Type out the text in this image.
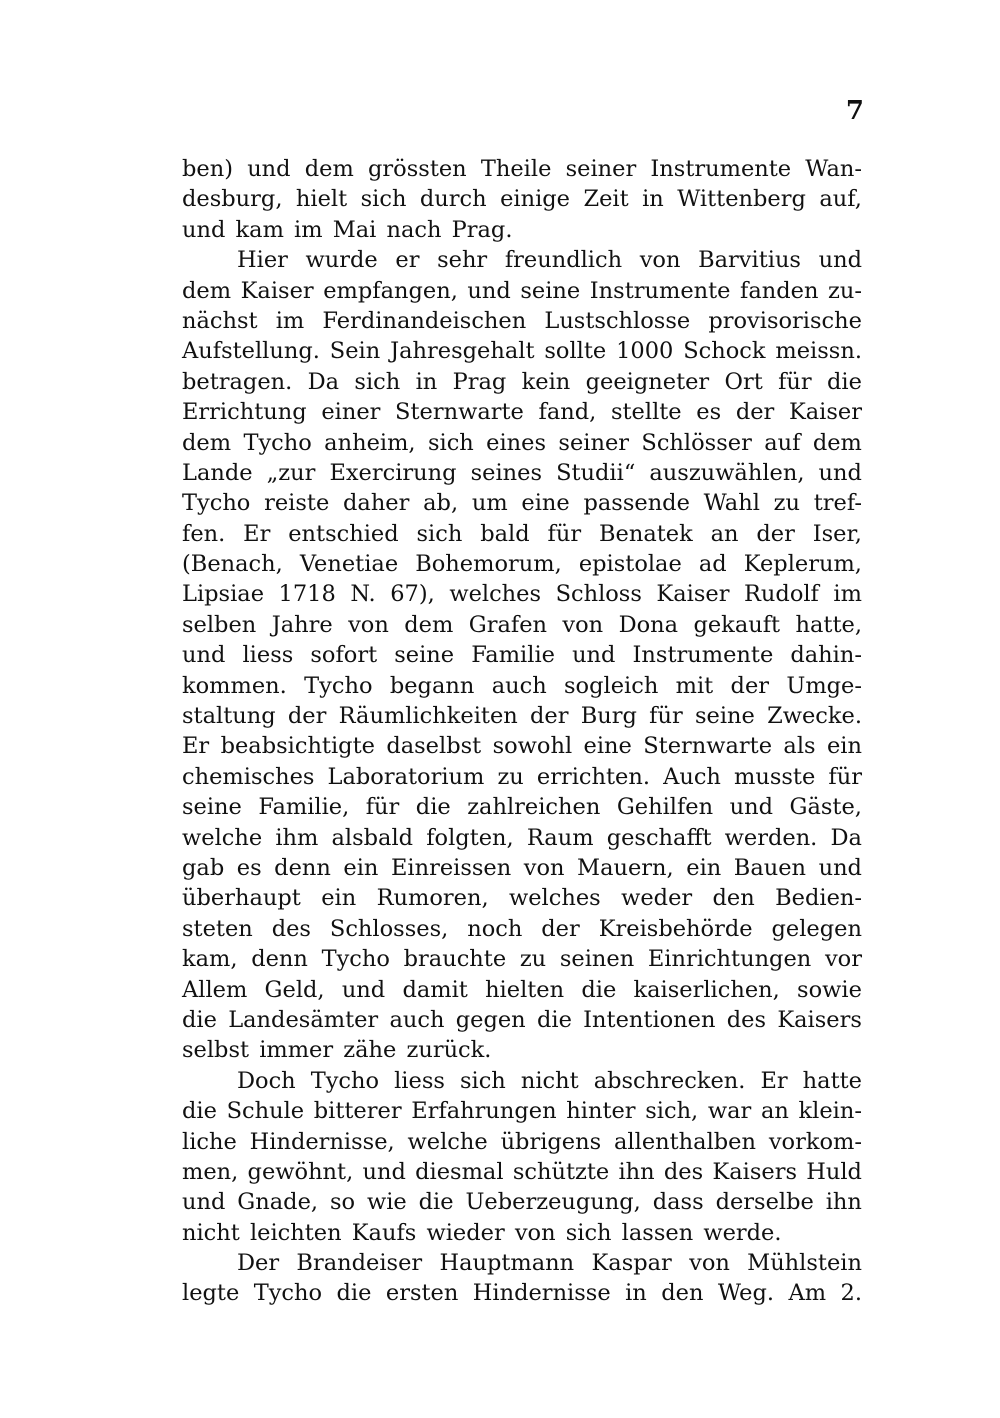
7
ben) und dem grössten Theile seiner Instrumente Wan-
desburg, hielt sich durch einige Zeit in Wittenberg auf,
und kam im Mai nach Prag.
Hier wurde er sehr freundlich von Barvitius und
dem Kaiser empfangen, und seine Instrumente fanden zu-
nächst im Ferdinandeischen Lustschlosse provisorische
Aufstellung. Sein Jahresgehalt sollte 1000 Schock meissn.
betragen. Da sich in Prag kein geeigneter Ort für die
Errichtung einer Sternwarte fand, stellte es der Kaiser
dem Tycho anheim, sich eines seiner Schlösser auf dem
Lande „zur Exercirung seines Studii“ auszuwählen, und
Tycho reiste daher ab, um eine passende Wahl zu tref-
fen. Er entschied sich bald für Benatek an der Iser,
(Benach, Venetiae Bohemorum, epistolae ad Keplerum,
Lipsiae 1718 N. 67), welches Schloss Kaiser Rudolf im
selben Jahre von dem Grafen von Dona gekauft hatte,
und liess sofort seine Familie und Instrumente dahin-
kommen. Tycho begann auch sogleich mit der Umge-
staltung der Räumlichkeiten der Burg für seine Zwecke.
Er beabsichtigte daselbst sowohl eine Sternwarte als ein
chemisches Laboratorium zu errichten. Auch musste für
seine Familie, für die zahlreichen Gehilfen und Gäste,
welche ihm alsbald folgten, Raum geschafft werden. Da
gab es denn ein Einreissen von Mauern, ein Bauen und
überhaupt ein Rumoren, welches weder den Bedien-
steten des Schlosses, noch der Kreisbehörde gelegen
kam, denn Tycho brauchte zu seinen Einrichtungen vor
Allem Geld, und damit hielten die kaiserlichen, sowie
die Landesämter auch gegen die Intentionen des Kaisers
selbst immer zähe zurück.
Doch Tycho liess sich nicht abschrecken. Er hatte
die Schule bitterer Erfahrungen hinter sich, war an klein-
liche Hindernisse, welche übrigens allenthalben vorkom-
men, gewöhnt, und diesmal schützte ihn des Kaisers Huld
und Gnade, so wie die Ueberzeugung, dass derselbe ihn
nicht leichten Kaufs wieder von sich lassen werde.
Der Brandeiser Hauptmann Kaspar von Mühlstein
legte Tycho die ersten Hindernisse in den Weg. Am 2.
